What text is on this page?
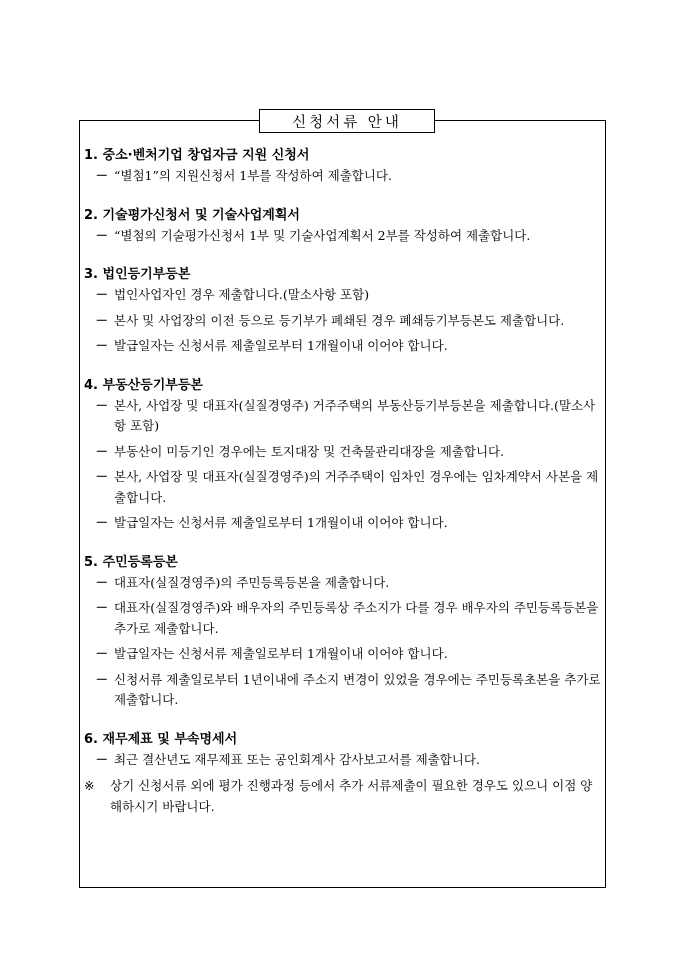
신청서류 안내
1. 중소·벤처기업 창업자금 지원 신청서
－ “별첨1”의 지원신청서 1부를 작성하여 제출합니다.
2. 기술평가신청서 및 기술사업계획서
－ “별첨의 기술평가신청서 1부 및 기술사업계획서 2부를 작성하여 제출합니다.
3. 법인등기부등본
－ 법인사업자인 경우 제출합니다.(말소사항 포함)
－ 본사 및 사업장의 이전 등으로 등기부가 폐쇄된 경우 폐쇄등기부등본도 제출합니다.
－ 발급일자는 신청서류 제출일로부터 1개월이내 이어야 합니다.
4. 부동산등기부등본
－ 본사, 사업장 및 대표자(실질경영주) 거주주택의 부동산등기부등본을 제출합니다.(말소사항 포함)
－ 부동산이 미등기인 경우에는 토지대장 및 건축물관리대장을 제출합니다.
－ 본사, 사업장 및 대표자(실질경영주)의 거주주택이 임차인 경우에는 임차계약서 사본을 제출합니다.
－ 발급일자는 신청서류 제출일로부터 1개월이내 이어야 합니다.
5. 주민등록등본
－ 대표자(실질경영주)의 주민등록등본을 제출합니다.
－ 대표자(실질경영주)와 배우자의 주민등록상 주소지가 다를 경우 배우자의 주민등록등본을 추가로 제출합니다.
－ 발급일자는 신청서류 제출일로부터 1개월이내 이어야 합니다.
－ 신청서류 제출일로부터 1년이내에 주소지 변경이 있었을 경우에는 주민등록초본을 추가로 제출합니다.
6. 재무제표 및 부속명세서
－ 최근 결산년도 재무제표 또는 공인회계사 감사보고서를 제출합니다.
※	상기 신청서류 외에 평가 진행과정 등에서 추가 서류제출이 필요한 경우도 있으니 이점 양해하시기 바랍니다.
